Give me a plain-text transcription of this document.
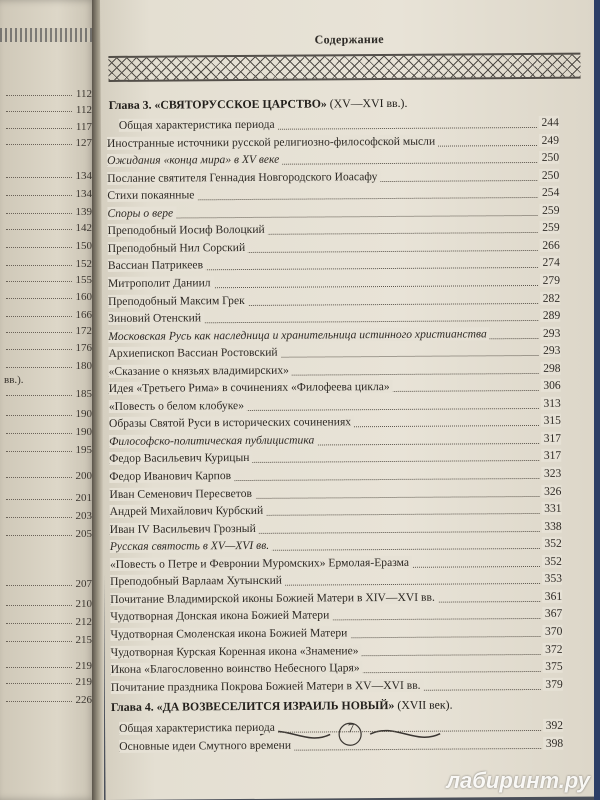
112
112
117
127
134
134
139
142
150
152
155
160
166
172
176
180
185
190
190
195
200
201
203
205
207
210
212
215
219
219
226
вв.).
Содержание
Глава 3. «СВЯТОРУССКОЕ ЦАРСТВО» (XV—XVI вв.).
Общая характеристика периода	244
Иностранные источники русской религиозно-философской мысли	249
Ожидания «конца мира» в XV веке	250
Послание святителя Геннадия Новгородского Иоасафу	250
Стихи покаянные	254
Споры о вере	259
Преподобный Иосиф Волоцкий	259
Преподобный Нил Сорский	266
Вассиан Патрикеев	274
Митрополит Даниил	279
Преподобный Максим Грек	282
Зиновий Отенский	289
Московская Русь как наследница и хранительница истинного христианства	293
Архиепископ Вассиан Ростовский	293
«Сказание о князьях владимирских»	298
Идея «Третьего Рима» в сочинениях «Филофеева цикла»	306
«Повесть о белом клобуке»	313
Образы Святой Руси в исторических сочинениях	315
Философско-политическая публицистика	317
Федор Васильевич Курицын	317
Федор Иванович Карпов	323
Иван Семенович Пересветов	326
Андрей Михайлович Курбский	331
Иван IV Васильевич Грозный	338
Русская святость в XV—XVI вв.	352
«Повесть о Петре и Февронии Муромских» Ермолая-Еразма	352
Преподобный Варлаам Хутынский	353
Почитание Владимирской иконы Божией Матери в XIV—XVI вв.	361
Чудотворная Донская икона Божией Матери	367
Чудотворная Смоленская икона Божией Матери	370
Чудотворная Курская Коренная икона «Знамение»	372
Икона «Благословенно воинство Небесного Царя»	375
Почитание праздника Покрова Божией Матери в XV—XVI вв.	379
Глава 4. «ДА ВОЗВЕСЕЛИТСЯ ИЗРАИЛЬ НОВЫЙ» (XVII век).
Общая характеристика периода	392
Основные идеи Смутного времени	398
7
лабиринт.ру
